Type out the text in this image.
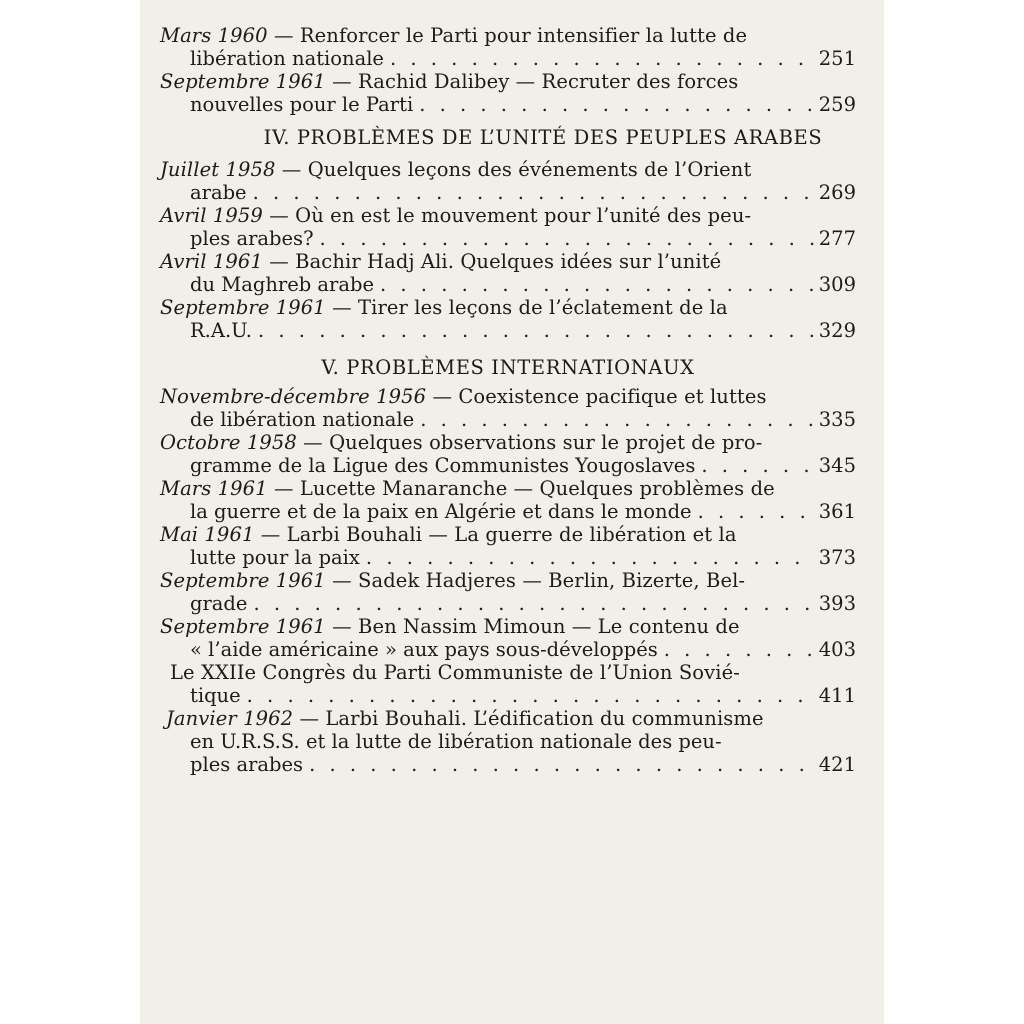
Mars 1960 — Renforcer le Parti pour intensifier la lutte de
libération nationale . . .	251
Septembre 1961 — Rachid Dalibey — Recruter des forces
nouvelles pour le Parti . . .	259
IV. PROBLÈMES DE L’UNITÉ DES PEUPLES ARABES
Juillet 1958 — Quelques leçons des événements de l’Orient
arabe . . .	269
Avril 1959 — Où en est le mouvement pour l’unité des peu-
ples arabes? . . .	277
Avril 1961 — Bachir Hadj Ali. Quelques idées sur l’unité
du Maghreb arabe . . .	309
Septembre 1961 — Tirer les leçons de l’éclatement de la
R.A.U. . . .	329
V. PROBLÈMES INTERNATIONAUX
Novembre-décembre 1956 — Coexistence pacifique et luttes
de libération nationale . . .	335
Octobre 1958 — Quelques observations sur le projet de pro-
gramme de la Ligue des Communistes Yougoslaves . . .	345
Mars 1961 — Lucette Manaranche — Quelques problèmes de
la guerre et de la paix en Algérie et dans le monde . . .	361
Mai 1961 — Larbi Bouhali — La guerre de libération et la
lutte pour la paix . . .	373
Septembre 1961 — Sadek Hadjeres — Berlin, Bizerte, Bel-
grade . . .	393
Septembre 1961 — Ben Nassim Mimoun — Le contenu de
« l’aide américaine » aux pays sous-développés . . .	403
Le XXIIe Congrès du Parti Communiste de l’Union Sovié-
tique . . .	411
Janvier 1962 — Larbi Bouhali. L’édification du communisme
en U.R.S.S. et la lutte de libération nationale des peu-
ples arabes . . .	421
